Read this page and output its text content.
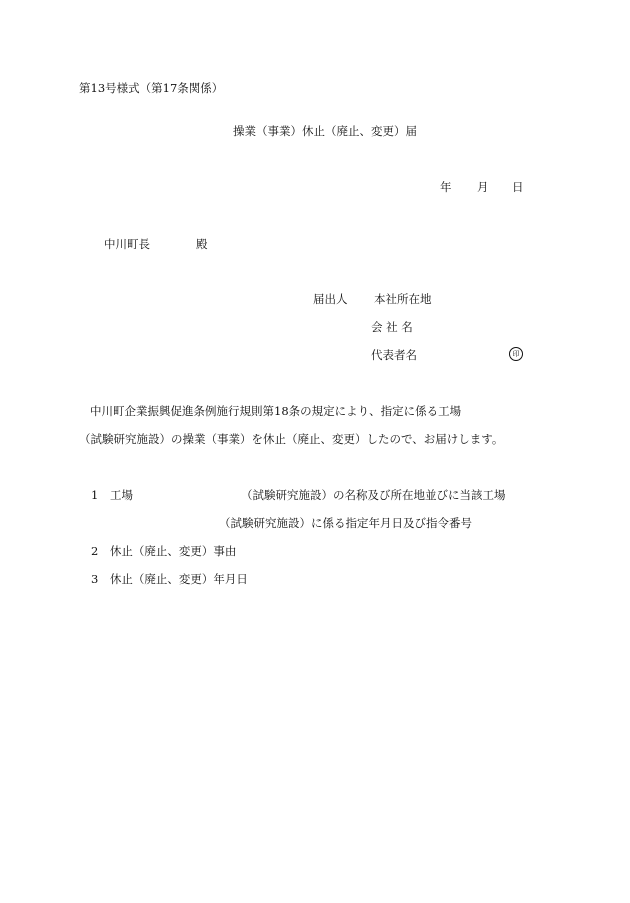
第13号様式（第17条関係）
操業（事業）休止（廃止、変更）届
年 月 日
中川町長	殿
届出人 本社所在地
会 社 名
代表者名	印
中川町企業振興促進条例施行規則第18条の規定により、指定に係る工場
（試験研究施設）の操業（事業）を休止（廃止、変更）したので、お届けします。
1 工場	（試験研究施設）の名称及び所在地並びに当該工場
（試験研究施設）に係る指定年月日及び指令番号
2　休止（廃止、変更）事由
3　休止（廃止、変更）年月日
